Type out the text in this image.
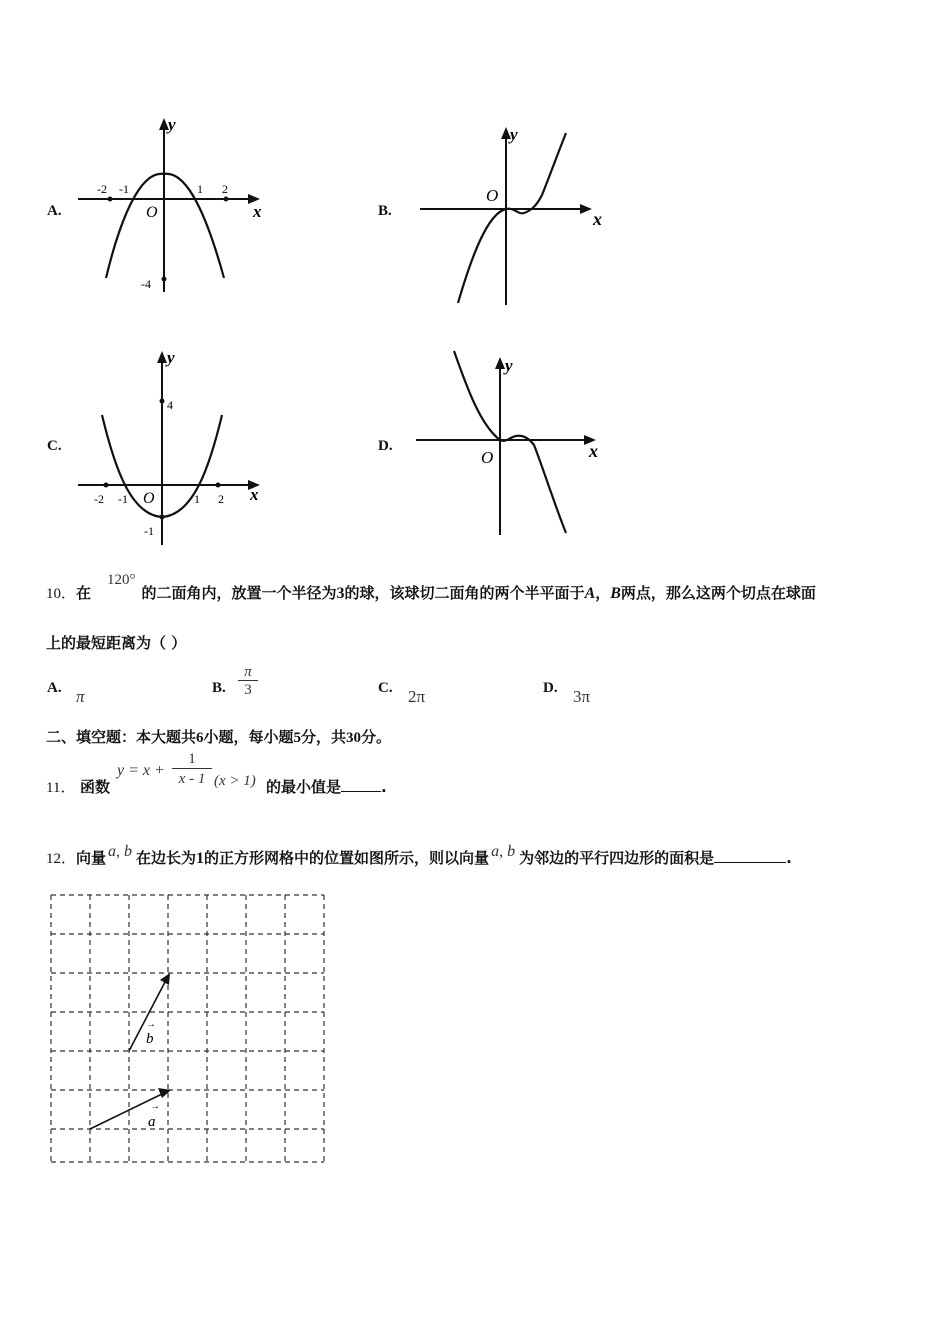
A.
y
x
O
-2 -1	1 2
-4
B.
y
x
O
C.
y
x
O
4
-1
-2 -1	1 2
D.
y
x
O
10．在120°的二面角内，放置一个半径为3的球，该球切二面角的两个半平面于A，B两点，那么这两个切点在球面
上的最短距离为（ ）
A. π	B. $\frac{\pi}{3}$	C. 2π	D. 3π
二、填空题：本大题共6小题，每小题5分，共30分。
11． 函数
$y = x + \frac{1}{x - 1} (x > 1)$ 的最小值是	.
12．向量 a, b 在边长为1的正方形网格中的位置如图所示，则以向量 a, b 为邻边的平行四边形的面积是	.
→
a
→
b
